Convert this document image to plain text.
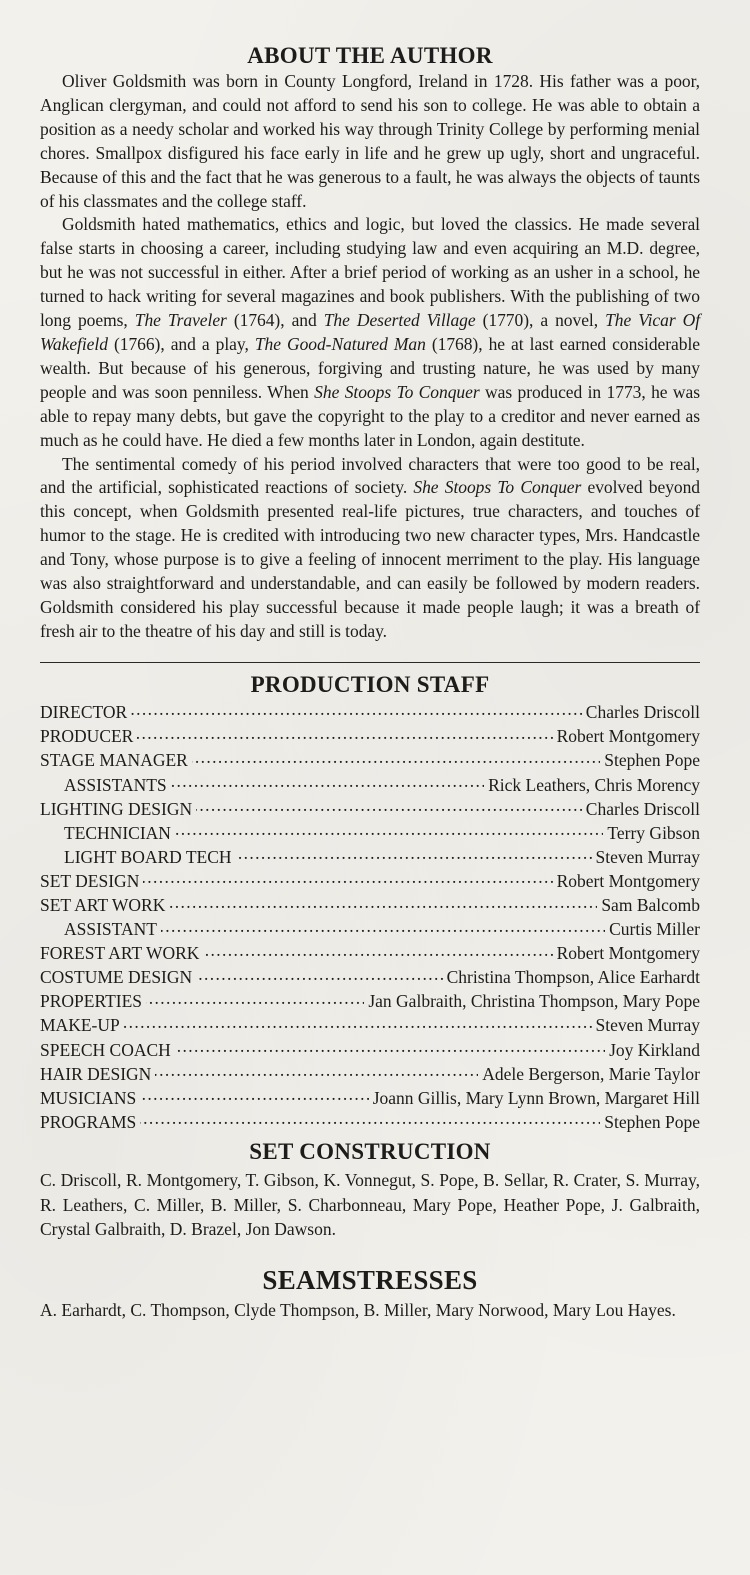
ABOUT THE AUTHOR

Oliver Goldsmith was born in County Longford, Ireland in 1728. His father was a poor, Anglican clergyman, and could not afford to send his son to college. He was able to obtain a position as a needy scholar and worked his way through Trinity College by performing menial chores. Smallpox disfigured his face early in life and he grew up ugly, short and ungraceful. Because of this and the fact that he was generous to a fault, he was always the objects of taunts of his classmates and the college staff.

Goldsmith hated mathematics, ethics and logic, but loved the classics. He made several false starts in choosing a career, including studying law and even acquiring an M.D. degree, but he was not successful in either. After a brief period of working as an usher in a school, he turned to hack writing for several magazines and book publishers. With the publishing of two long poems, The Traveler (1764), and The Deserted Village (1770), a novel, The Vicar Of Wakefield (1766), and a play, The Good-Natured Man (1768), he at last earned considerable wealth. But because of his generous, forgiving and trusting nature, he was used by many people and was soon penniless. When She Stoops To Conquer was produced in 1773, he was able to repay many debts, but gave the copyright to the play to a creditor and never earned as much as he could have. He died a few months later in London, again destitute.

The sentimental comedy of his period involved characters that were too good to be real, and the artificial, sophisticated reactions of society. She Stoops To Conquer evolved beyond this concept, when Goldsmith presented real-life pictures, true characters, and touches of humor to the stage. He is credited with introducing two new character types, Mrs. Handcastle and Tony, whose purpose is to give a feeling of innocent merriment to the play. His language was also straightforward and understandable, and can easily be followed by modern readers. Goldsmith considered his play successful because it made people laugh; it was a breath of fresh air to the theatre of his day and still is today.

PRODUCTION STAFF
DIRECTOR . . .	Charles Driscoll
PRODUCER . . .	Robert Montgomery
STAGE MANAGER . . .	Stephen Pope
ASSISTANTS . . .	Rick Leathers, Chris Morency
LIGHTING DESIGN . . .	Charles Driscoll
TECHNICIAN . . .	Terry Gibson
LIGHT BOARD TECH . . .	Steven Murray
SET DESIGN . . .	Robert Montgomery
SET ART WORK . . .	Sam Balcomb
ASSISTANT . . .	Curtis Miller
FOREST ART WORK . . .	Robert Montgomery
COSTUME DESIGN . . .	Christina Thompson, Alice Earhardt
PROPERTIES . . .	Jan Galbraith, Christina Thompson, Mary Pope
MAKE-UP . . .	Steven Murray
SPEECH COACH . . .	Joy Kirkland
HAIR DESIGN . . .	Adele Bergerson, Marie Taylor
MUSICIANS . . .	Joann Gillis, Mary Lynn Brown, Margaret Hill
PROGRAMS . . .	Stephen Pope
SET CONSTRUCTION

C. Driscoll, R. Montgomery, T. Gibson, K. Vonnegut, S. Pope, B. Sellar, R. Crater, S. Murray, R. Leathers, C. Miller, B. Miller, S. Charbonneau, Mary Pope, Heather Pope, J. Galbraith, Crystal Galbraith, D. Brazel, Jon Dawson.

SEAMSTRESSES

A. Earhardt, C. Thompson, Clyde Thompson, B. Miller, Mary Norwood, Mary Lou Hayes.
